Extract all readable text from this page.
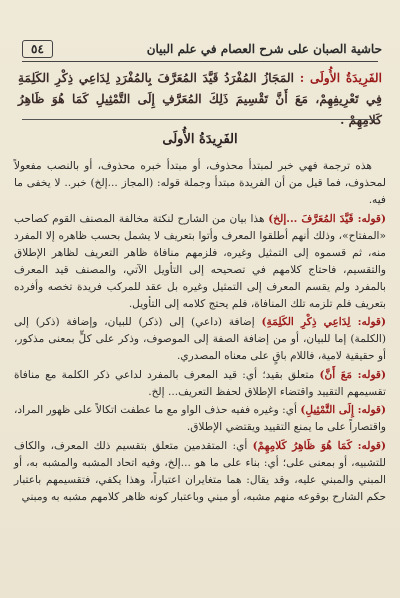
حاشية الصبان على شرح العصام في علم البيان
٥٤
الفَرِيدَةُ الأُولَى : المَجَازُ المُفْرَدُ قَيَّدَ المُعَرَّفَ بِالمُفْرَدِ لِدَاعِي ذِكْرِ الكَلِمَةِ فِي تَعْرِيفِهِمْ، مَعَ أَنَّ تَقْسِيمَ ذَلِكَ المُعَرَّفِ إِلَى التَّمْثِيلِ كَمَا هُوَ ظَاهِرُ كَلامِهِمْ .
الفَرِيدَةُ الأُولَى

هذه ترجمة فهي خبر لمبتدأ محذوف، أو مبتدأ خبره محذوف، أو بالنصب مفعولاً لمحذوف، فما قيل من أن الفريدة مبتدأ وجملة قوله: (المجاز ...إلخ) خبر.. لا يخفى ما فيه.

(قوله: قَيَّدَ المُعَرَّفَ ...إلخ) هذا بيان من الشارح لنكتة مخالفة المصنف القوم كصاحب «المفتاح»، وذلك أنهم أطلقوا المعرف وأتوا بتعريف لا يشمل بحسب ظاهره إلا المفرد منه، ثم قسموه إلى التمثيل وغيره، فلزمهم منافاة ظاهر التعريف لظاهر الإطلاق والتقسيم، فاحتاج كلامهم في تصحيحه إلى التأويل الآتي، والمصنف قيد المعرف بالمفرد ولم يقسم المعرف إلى التمثيل وغيره بل عقد للمركب فريدة تخصه وأفرده بتعريف فلم تلزمه تلك المنافاة، فلم يحتج كلامه إلى التأويل.

(قوله: لِدَاعِي ذِكْرِ الكَلِمَةِ) إضافة (داعي) إلى (ذكر) للبيان، وإضافة (ذكر) إلى (الكلمة) إما للبيان، أو من إضافة الصفة إلى الموصوف، وذكر على كلٍّ بمعنى مذكور، أو حقيقية لامية، فاللام باقٍ على معناه المصدري.

(قوله: مَعَ أَنَّ) متعلق بقيد؛ أي: قيد المعرف بالمفرد لداعي ذكر الكلمة مع منافاة تقسيمهم التقييد واقتضاء الإطلاق لحفظ التعريف... إلخ.

(قوله: إِلَى التَّمْثِيلِ) أي: وغيره ففيه حذف الواو مع ما عطفت اتكالاً على ظهور المراد، واقتصاراً على ما يمنع التقييد ويقتضي الإطلاق.

(قوله: كَمَا هُوَ ظَاهِرُ كَلامِهِمْ) أي: المتقدمين متعلق بتقسيم ذلك المعرف، والكاف للتشبيه، أو بمعنى على؛ أي: بناء على ما هو ...إلخ، وفيه اتحاد المشبه والمشبه به، أو المبني والمبني عليه، وقد يقال: هما متغايران اعتباراً، وهذا يكفي، فتقسيمهم باعتبار حكم الشارح بوقوعه منهم مشبه، أو مبني وباعتبار كونه ظاهر كلامهم مشبه به ومبني
